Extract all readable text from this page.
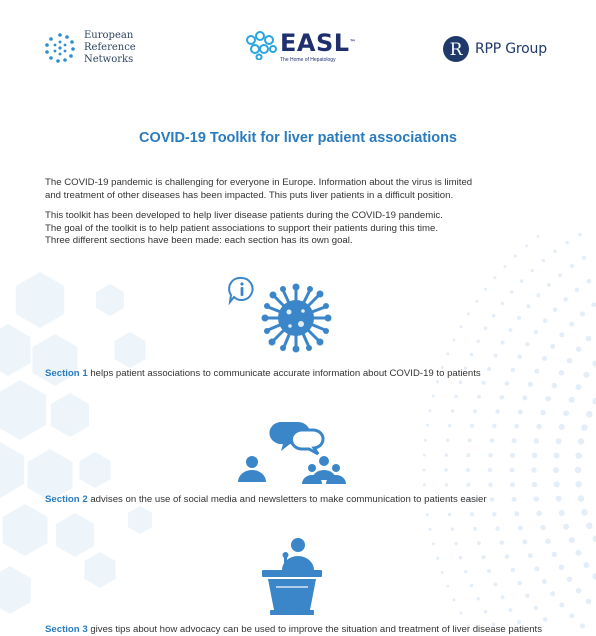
European
Reference
Networks
EASL™
The Home of Hepatology	R RPP Group
COVID-19 Toolkit for liver patient associations
The COVID-19 pandemic is challenging for everyone in Europe. Information about the virus is limited
and treatment of other diseases has been impacted. This puts liver patients in a difficult position.
This toolkit has been developed to help liver disease patients during the COVID-19 pandemic.
The goal of the toolkit is to help patient associations to support their patients during this time.
Three different sections have been made: each section has its own goal.
Section 1 helps patient associations to communicate accurate information about COVID-19 to patients
Section 2 advises on the use of social media and newsletters to make communication to patients easier
Section 3 gives tips about how advocacy can be used to improve the situation and treatment of liver disease patients
